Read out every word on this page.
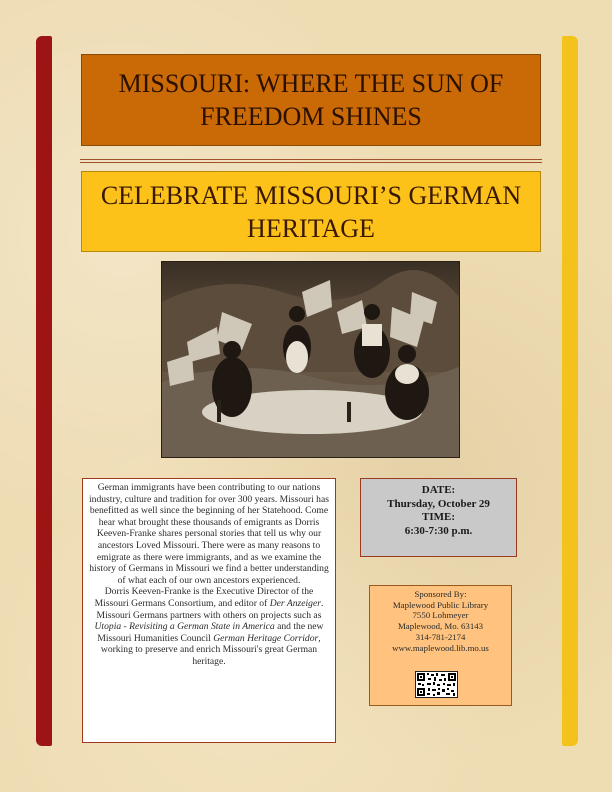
MISSOURI: WHERE THE SUN OF FREEDOM SHINES
CELEBRATE MISSOURI’S GERMAN HERITAGE

German immigrants have been contributing to our nations industry, culture and tradition for over 300 years. Missouri has benefitted as well since the beginning of her Statehood. Come hear what brought these thousands of emigrants as Dorris Keeven-Franke shares personal stories that tell us why our ancestors Loved Missouri. There were as many reasons to emigrate as there were immigrants, and as we examine the history of Germans in Missouri we find a better understanding of what each of our own ancestors experienced.

Dorris Keeven-Franke is the Executive Director of the Missouri Germans Consortium, and editor of Der Anzeiger. Missouri Germans partners with others on projects such as Utopia - Revisiting a German State in America and the new Missouri Humanities Council German Heritage Corridor, working to preserve and enrich Missouri's great German heritage.

DATE:
Thursday, October 29
TIME:
6:30-7:30 p.m.
Sponsored By:
Maplewood Public Library
7550 Lohmeyer
Maplewood, Mo. 63143
314-781-2174
www.maplewood.lib.mo.us
